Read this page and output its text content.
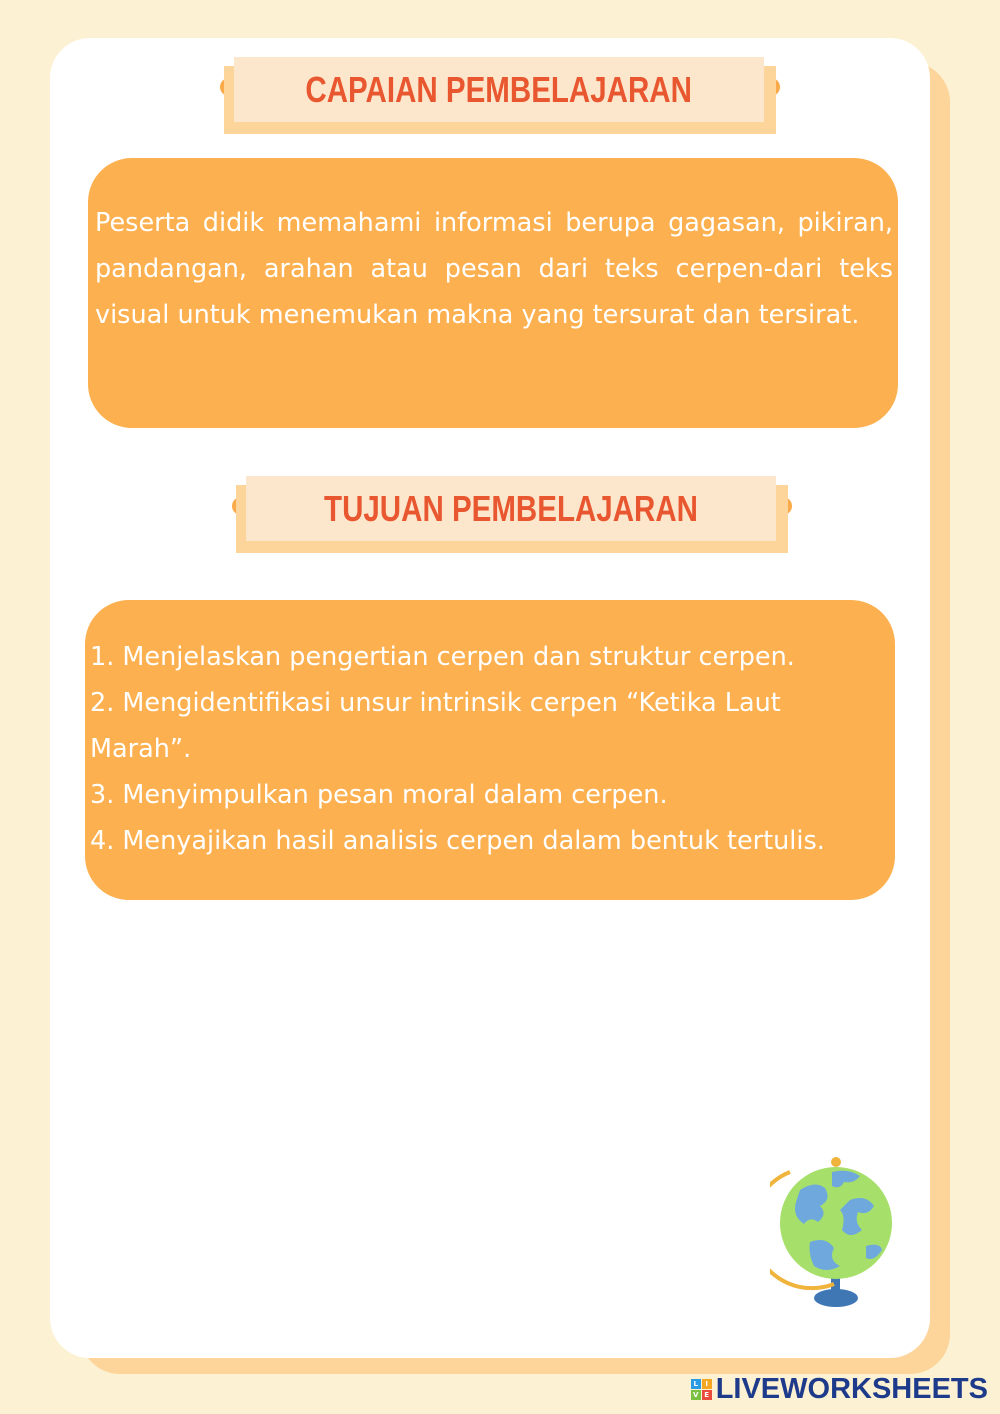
CAPAIAN PEMBELAJARAN
Peserta didik memahami informasi berupa gagasan, pikiran, pandangan, arahan atau pesan dari teks cerpen-dari teks visual untuk menemukan makna yang tersurat dan tersirat.
TUJUAN PEMBELAJARAN
1. Menjelaskan pengertian cerpen dan struktur cerpen.
2. Mengidentifikasi unsur intrinsik cerpen “Ketika Laut Marah”.
3. Menyimpulkan pesan moral dalam cerpen.
4. Menyajikan hasil analisis cerpen dalam bentuk tertulis.
L	I
V E LIVEWORKSHEETS
